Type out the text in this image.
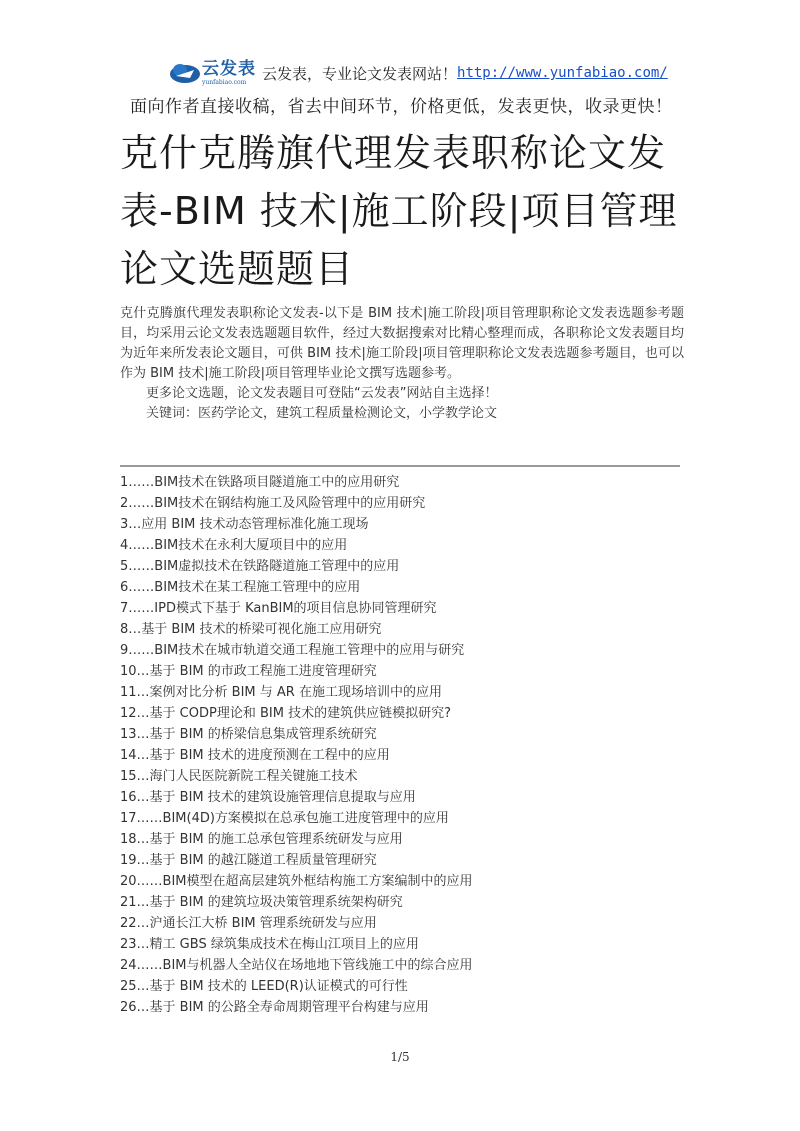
云发表
yunfabiao.com	云发表，专业论文发表网站！ http://www.yunfabiao.com/
面向作者直接收稿，省去中间环节，价格更低，发表更快，收录更快！
克什克腾旗代理发表职称论文发表-BIM 技术|施工阶段|项目管理论文选题题目

克什克腾旗代理发表职称论文发表-以下是 BIM 技术|施工阶段|项目管理职称论文发表选题参考题目，均采用云论文发表选题题目软件，经过大数据搜索对比精心整理而成，各职称论文发表题目均为近年来所发表论文题目，可供 BIM 技术|施工阶段|项目管理职称论文发表选题参考题目，也可以作为 BIM 技术|施工阶段|项目管理毕业论文撰写选题参考。

更多论文选题，论文发表题目可登陆“云发表”网站自主选择！

关键词：医药学论文，建筑工程质量检测论文，小学教学论文

1……BIM技术在铁路项目隧道施工中的应用研究
2……BIM技术在钢结构施工及风险管理中的应用研究
3…应用 BIM 技术动态管理标准化施工现场
4……BIM技术在永利大厦项目中的应用
5……BIM虚拟技术在铁路隧道施工管理中的应用
6……BIM技术在某工程施工管理中的应用
7……IPD模式下基于 KanBIM的项目信息协同管理研究
8…基于 BIM 技术的桥梁可视化施工应用研究
9……BIM技术在城市轨道交通工程施工管理中的应用与研究
10…基于 BIM 的市政工程施工进度管理研究
11…案例对比分析 BIM 与 AR 在施工现场培训中的应用
12…基于 CODP理论和 BIM 技术的建筑供应链模拟研究?
13…基于 BIM 的桥梁信息集成管理系统研究
14…基于 BIM 技术的进度预测在工程中的应用
15…海门人民医院新院工程关键施工技术
16…基于 BIM 技术的建筑设施管理信息提取与应用
17……BIM(4D)方案模拟在总承包施工进度管理中的应用
18…基于 BIM 的施工总承包管理系统研发与应用
19…基于 BIM 的越江隧道工程质量管理研究
20……BIM模型在超高层建筑外框结构施工方案编制中的应用
21…基于 BIM 的建筑垃圾决策管理系统架构研究
22…沪通长江大桥 BIM 管理系统研发与应用
23…精工 GBS 绿筑集成技术在梅山江项目上的应用
24……BIM与机器人全站仪在场地地下管线施工中的综合应用
25…基于 BIM 技术的 LEED(R)认证模式的可行性
26…基于 BIM 的公路全寿命周期管理平台构建与应用
1/5
